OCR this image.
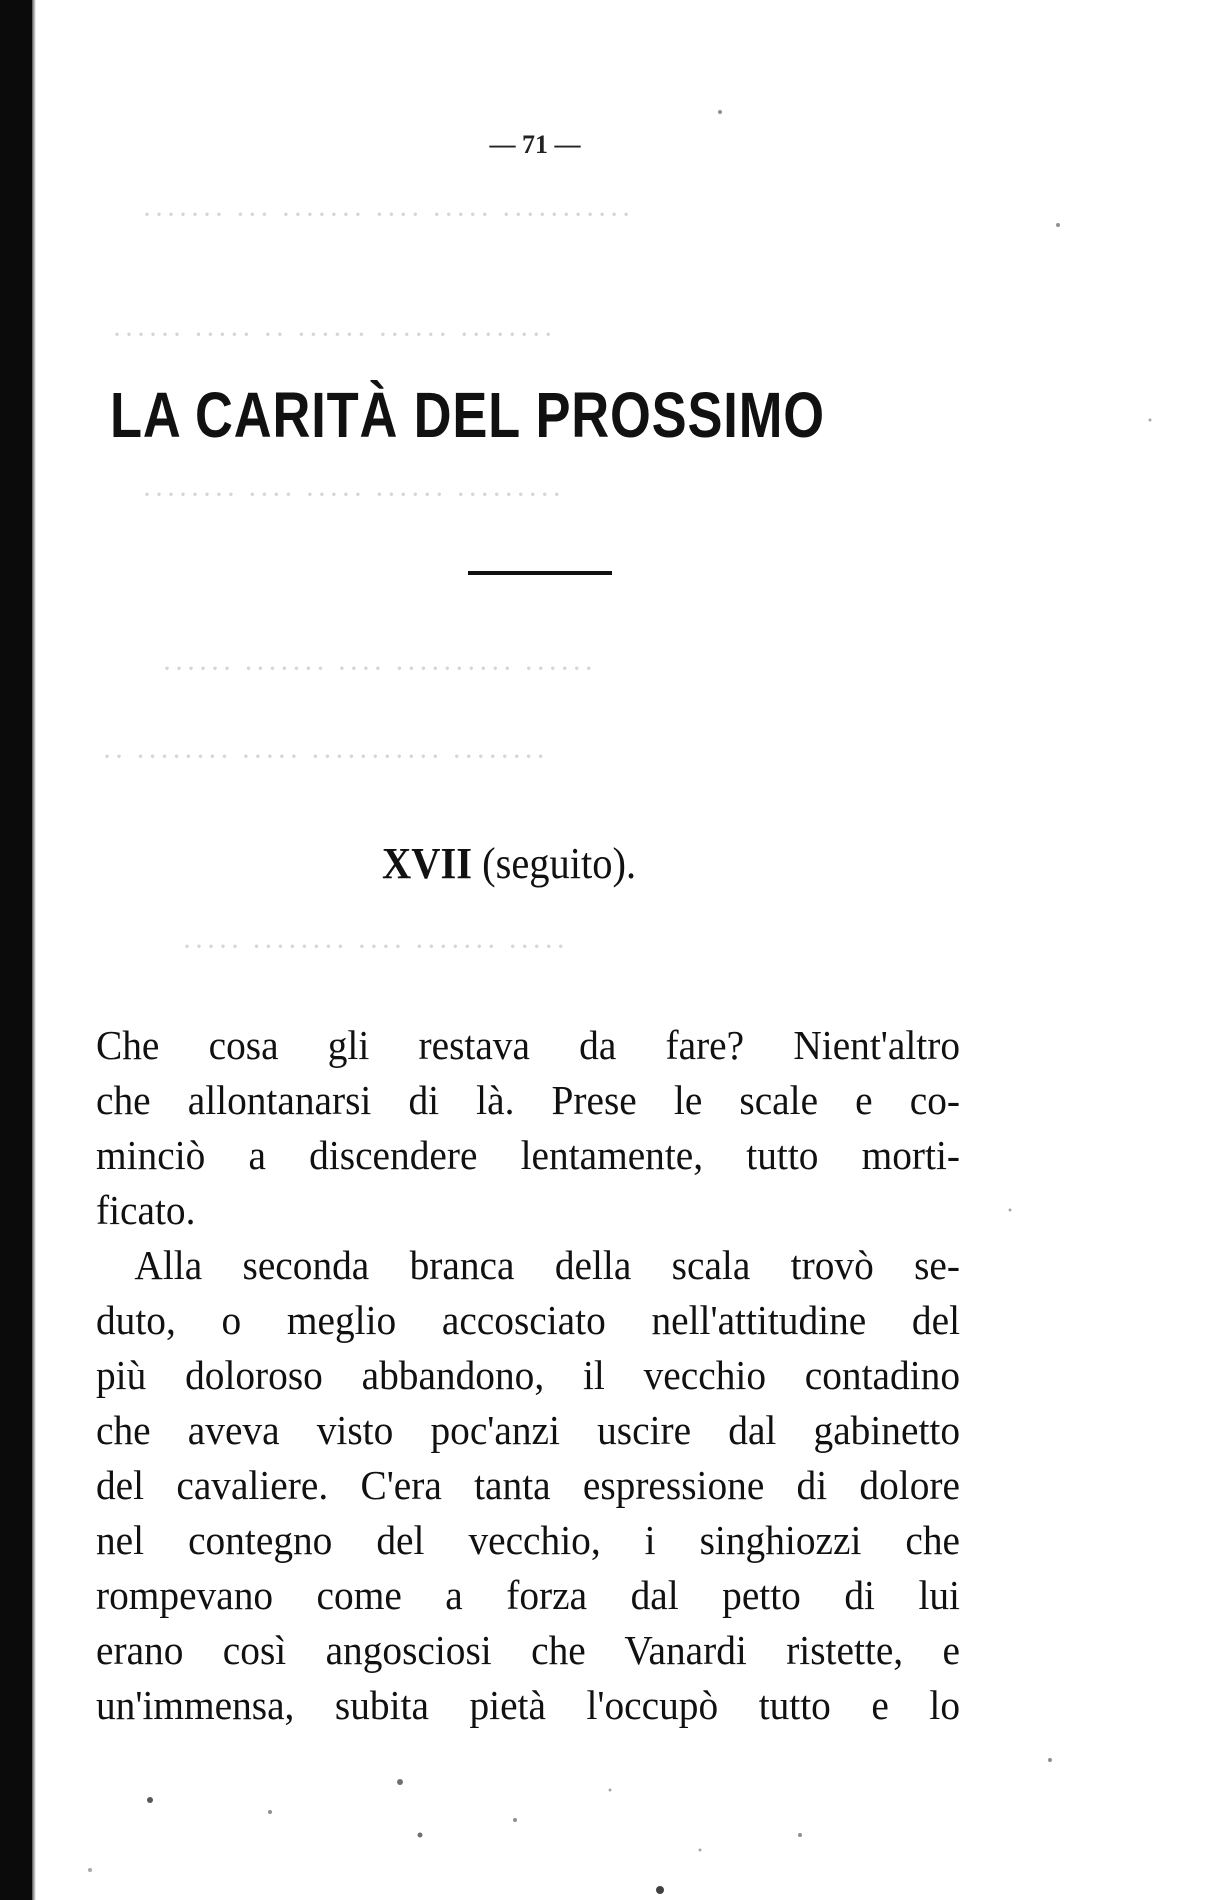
··········· ····· ···· ······· ··· ·······
········ ······ ······ ·· ····· ······
········· ······ ····· ···· ········
······ ·········· ···· ······· ······
········ ··········· ····· ········ ··
····· ······· ···· ········ ·····
— 71 —
LA CARITÀ DEL PROSSIMO
XVII (seguito).
Che cosa gli restava da fare? Nient'altro
che allontanarsi di là. Prese le scale e co-
minciò a discendere lentamente, tutto morti-
ficato.
Alla seconda branca della scala trovò se-
duto, o meglio accosciato nell'attitudine del
più doloroso abbandono, il vecchio contadino
che aveva visto poc'anzi uscire dal gabinetto
del cavaliere. C'era tanta espressione di dolore
nel contegno del vecchio, i singhiozzi che
rompevano come a forza dal petto di lui
erano così angosciosi che Vanardi ristette, e
un'immensa, subita pietà l'occupò tutto e lo
